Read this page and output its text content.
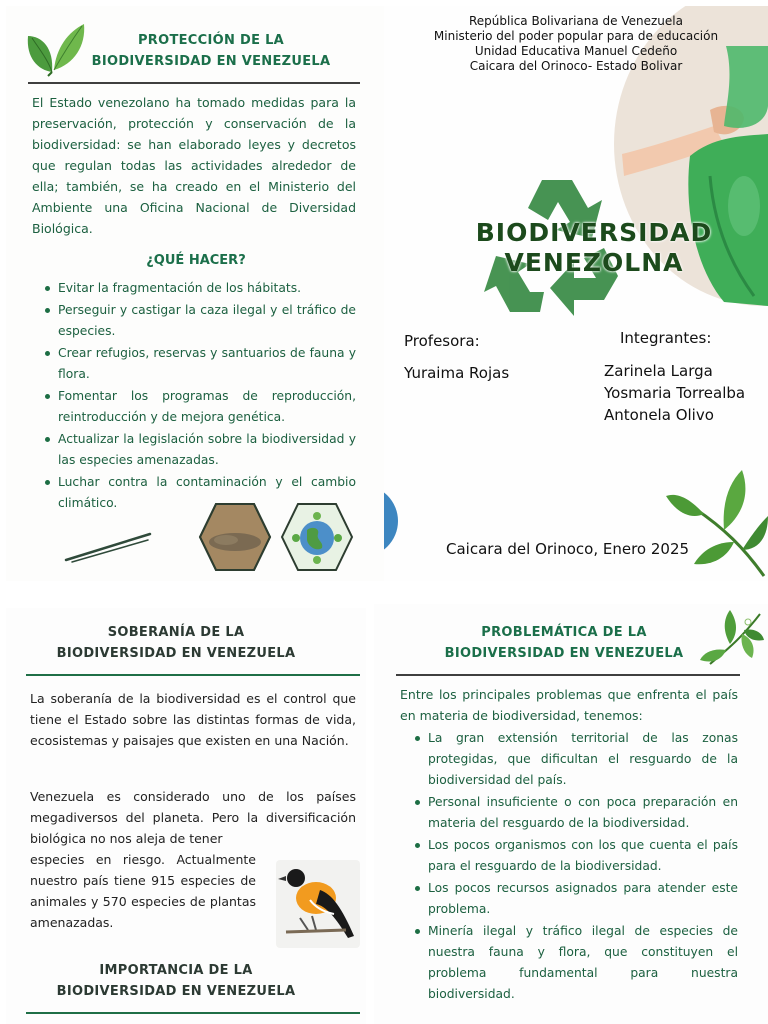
PROTECCIÓN DE LA
BIODIVERSIDAD EN VENEZUELA

El Estado venezolano ha tomado medidas para la preservación, protección y conservación de la biodiversidad: se han elaborado leyes y decretos que regulan todas las actividades alrededor de ella; también, se ha creado en el Ministerio del Ambiente una Oficina Nacional de Diversidad Biológica.

¿QUÉ HACER?
Evitar la fragmentación de los hábitats.
Perseguir y castigar la caza ilegal y el tráfico de especies.
Crear refugios, reservas y santuarios de fauna y flora.
Fomentar los programas de reproducción, reintroducción y de mejora genética.
Actualizar la legislación sobre la biodiversidad y las especies amenazadas.
Luchar contra la contaminación y el cambio climático.
República Bolivariana de Venezuela
Ministerio del poder popular para de educación
Unidad Educativa Manuel Cedeño
Caicara del Orinoco- Estado Bolivar
BIODIVERSIDAD
VENEZOLNA
Profesora:
Yuraima Rojas
Integrantes:
Zarinela Larga
Yosmaria Torrealba
Antonela Olivo
Caicara del Orinoco, Enero 2025
SOBERANÍA DE LA
BIODIVERSIDAD EN VENEZUELA

La soberanía de la biodiversidad es el control que tiene el Estado sobre las distintas formas de vida, ecosistemas y paisajes que existen en una Nación.

Venezuela es considerado uno de los países megadiversos del planeta. Pero la diversificación biológica no nos aleja de tener

especies en riesgo. Actualmente nuestro país tiene 915 especies de animales y 570 especies de plantas amenazadas.

IMPORTANCIA DE LA
BIODIVERSIDAD EN VENEZUELA
PROBLEMÁTICA DE LA
BIODIVERSIDAD EN VENEZUELA

Entre los principales problemas que enfrenta el país en materia de biodiversidad, tenemos:

La gran extensión territorial de las zonas protegidas, que dificultan el resguardo de la biodiversidad del país.
Personal insuficiente o con poca preparación en materia del resguardo de la biodiversidad.
Los pocos organismos con los que cuenta el país para el resguardo de la biodiversidad.
Los pocos recursos asignados para atender este problema.
Minería ilegal y tráfico ilegal de especies de nuestra fauna y flora, que constituyen el problema fundamental para nuestra biodiversidad.
